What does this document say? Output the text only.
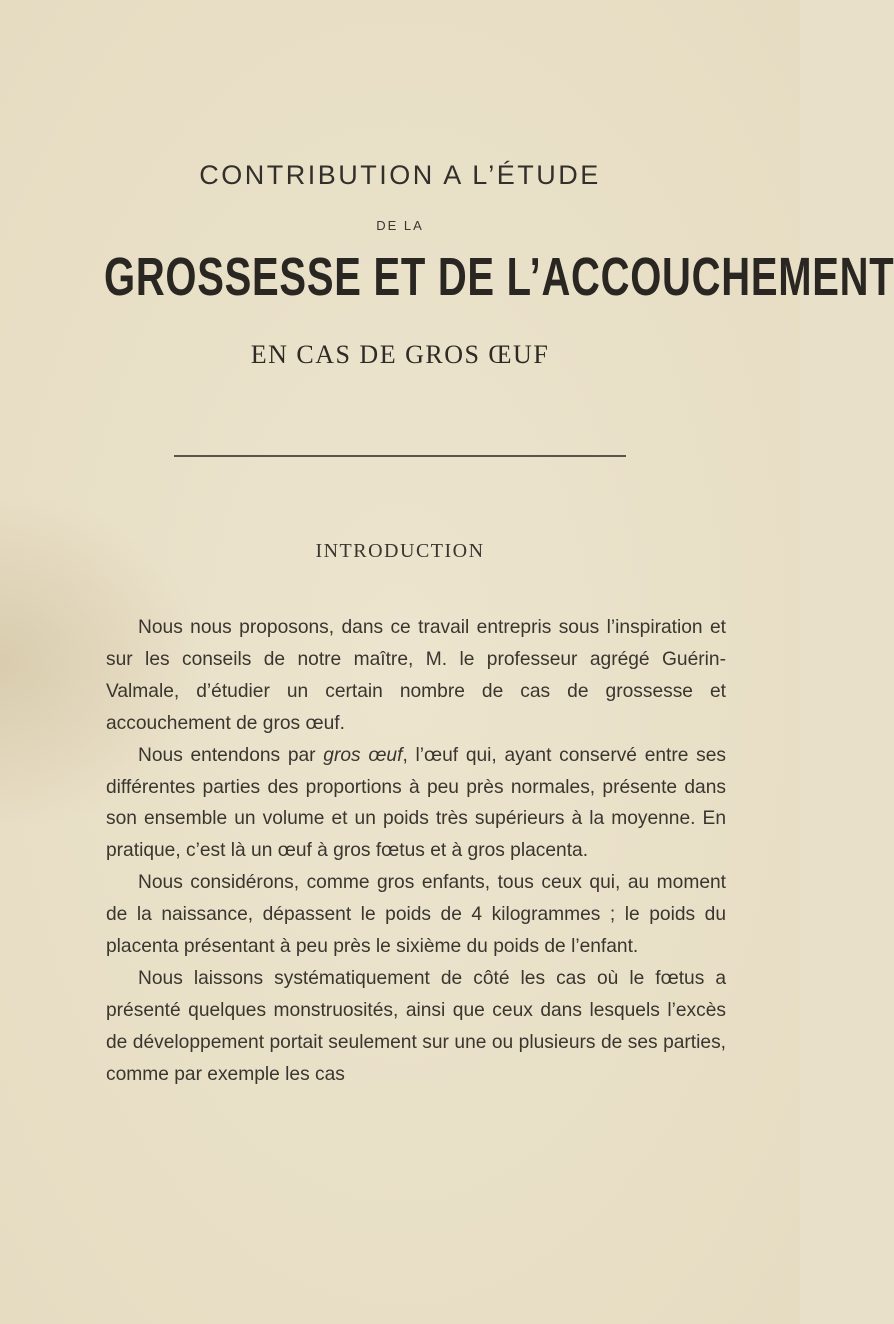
CONTRIBUTION A L’ÉTUDE
DE LA
GROSSESSE ET DE L’ACCOUCHEMENT
EN CAS DE GROS ŒUF
INTRODUCTION

Nous nous proposons, dans ce travail entrepris sous l’inspiration et sur les conseils de notre maître, M. le professeur agrégé Guérin-Valmale, d’étudier un certain nombre de cas de grossesse et accouchement de gros œuf.

Nous entendons par gros œuf, l’œuf qui, ayant conservé entre ses différentes parties des proportions à peu près normales, présente dans son ensemble un volume et un poids très supérieurs à la moyenne. En pratique, c’est là un œuf à gros fœtus et à gros placenta.

Nous considérons, comme gros enfants, tous ceux qui, au moment de la naissance, dépassent le poids de 4 kilogrammes ; le poids du placenta présentant à peu près le sixième du poids de l’enfant.

Nous laissons systématiquement de côté les cas où le fœtus a présenté quelques monstruosités, ainsi que ceux dans lesquels l’excès de développement portait seulement sur une ou plusieurs de ses parties, comme par exemple les cas
